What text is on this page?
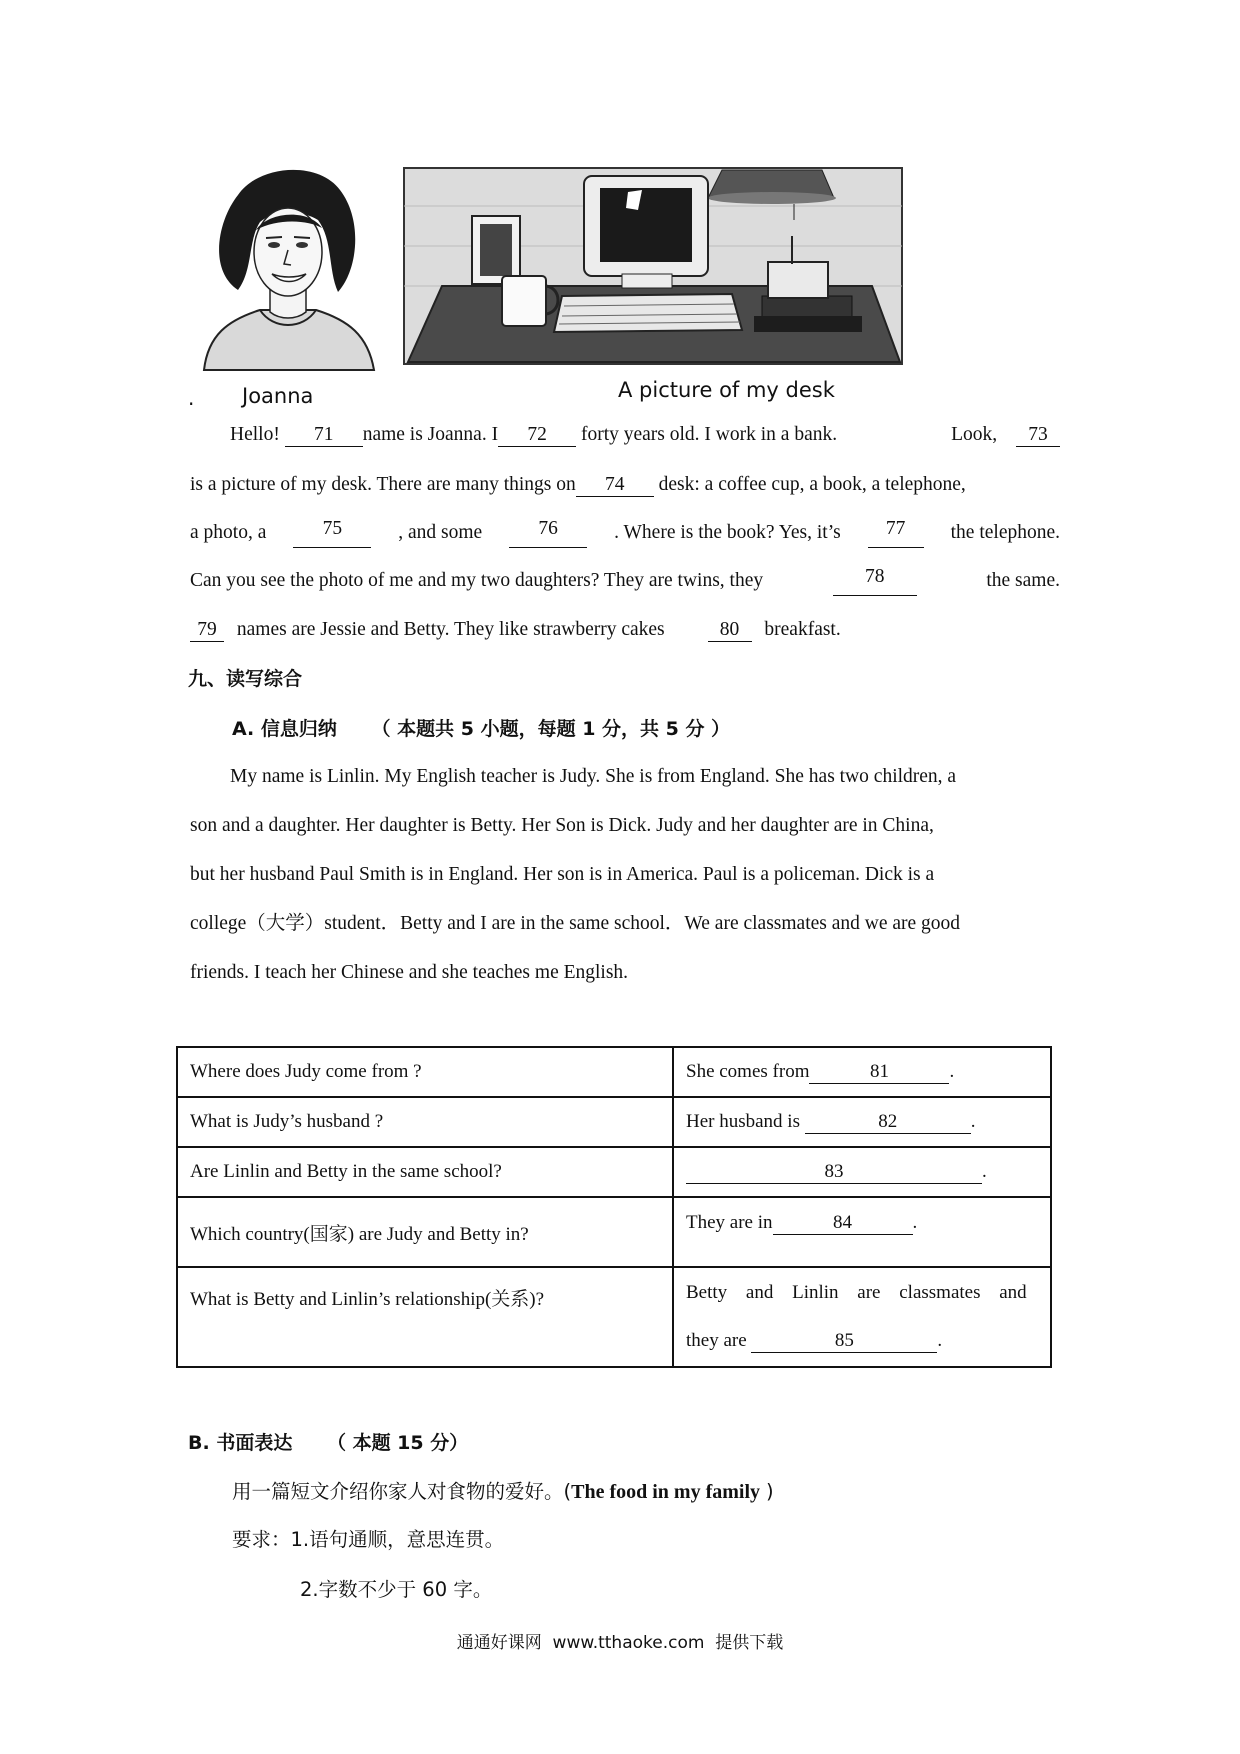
. Joanna	A picture of my desk
Hello! 71 name is Joanna. I 72 forty years old. I work in a bank.	Look, 73
is a picture of my desk. There are many things on 74 desk: a coffee cup, a book, a telephone,
a photo, a	75	, and some	76	. Where is the book? Yes, it’s	77	the telephone.
Can you see the photo of me and my two daughters? They are twins, they	78	the same.
79 names are Jessie and Betty. They like strawberry cakes	80 breakfast.
九、读写综合
A. 信息归纳 （ 本题共 5 小题，每题 1 分，共 5 分 ）
My name is Linlin. My English teacher is Judy. She is from England. She has two children, a
son and a daughter. Her daughter is Betty. Her Son is Dick. Judy and her daughter are in China,
but her husband Paul Smith is in England. Her son is in America. Paul is a policeman. Dick is a
college（大学）student．Betty and I are in the same school．We are classmates and we are good
friends. I teach her Chinese and she teaches me English.
Where does Judy come from ?	She comes from 81 .
What is Judy’s husband ?	Her husband is 82 .
Are Linlin and Betty in the same school?	83 .
Which country(国家) are Judy and Betty in?	They are in 84 .
What is Betty and Linlin’s relationship(关系)?	Betty and Linlin are classmates and
they are 85 .
B. 书面表达 （ 本题 15 分）
用一篇短文介绍你家人对食物的爱好。(The food in my family )
要求：1.语句通顺，意思连贯。
2.字数不少于 60 字。
通通好课网  www.tthaoke.com  提供下载
